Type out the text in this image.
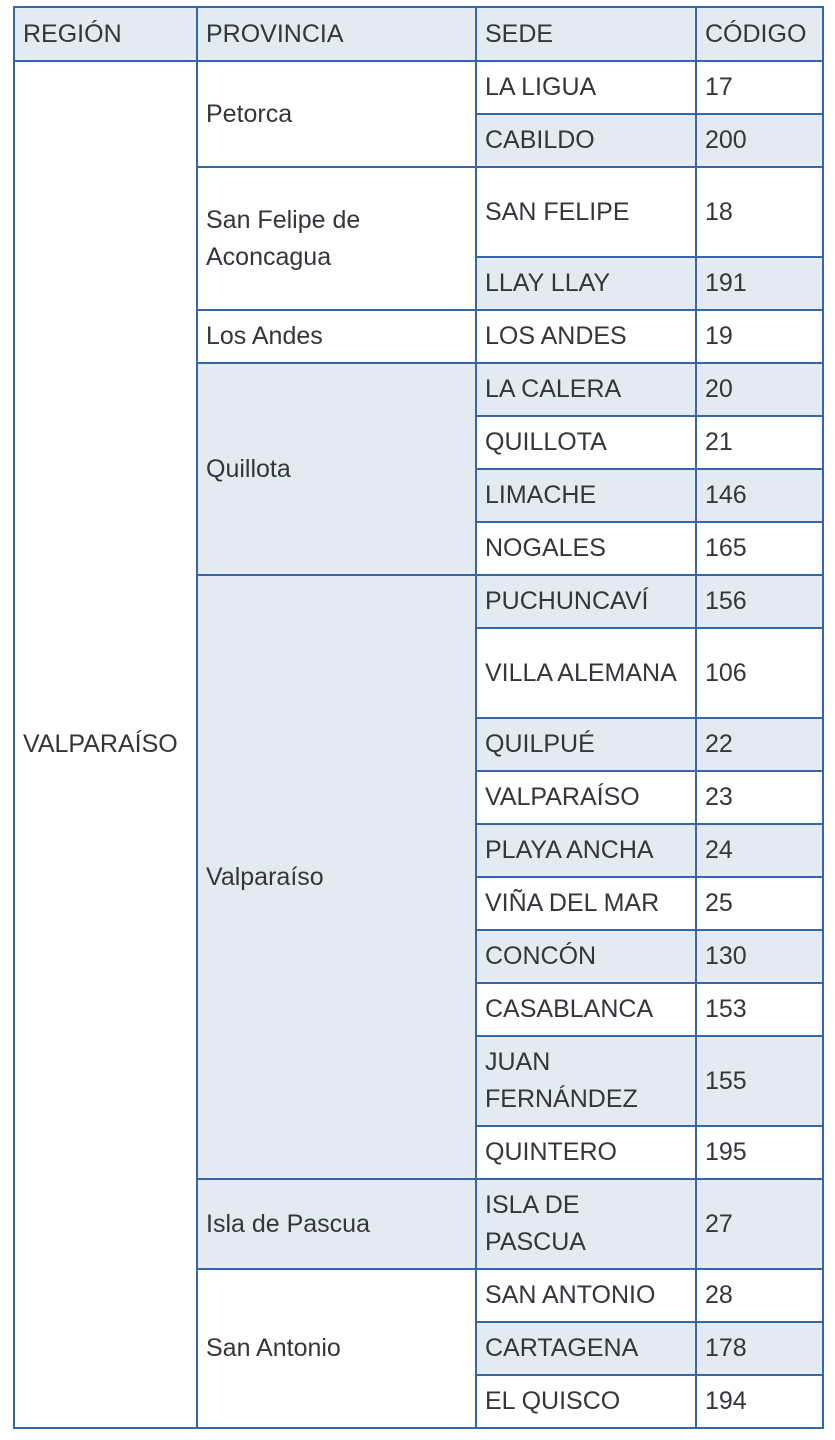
REGIÓN	PROVINCIA	SEDE	CÓDIGO
VALPARAÍSO	Petorca	LA LIGUA	17
		CABILDO	200
	San Felipe de Aconcagua	SAN FELIPE	18
		LLAY LLAY	191
	Los Andes	LOS ANDES	19
	Quillota	LA CALERA	20
		QUILLOTA	21
		LIMACHE	146
		NOGALES	165
	Valparaíso	PUCHUNCAVÍ	156
		VILLA ALEMANA	106
		QUILPUÉ	22
		VALPARAÍSO	23
		PLAYA ANCHA	24
		VIÑA DEL MAR	25
		CONCÓN	130
		CASABLANCA	153
		JUAN FERNÁNDEZ	155
		QUINTERO	195
	Isla de Pascua	ISLA DE PASCUA	27
	San Antonio	SAN ANTONIO	28
		CARTAGENA	178
		EL QUISCO	194
